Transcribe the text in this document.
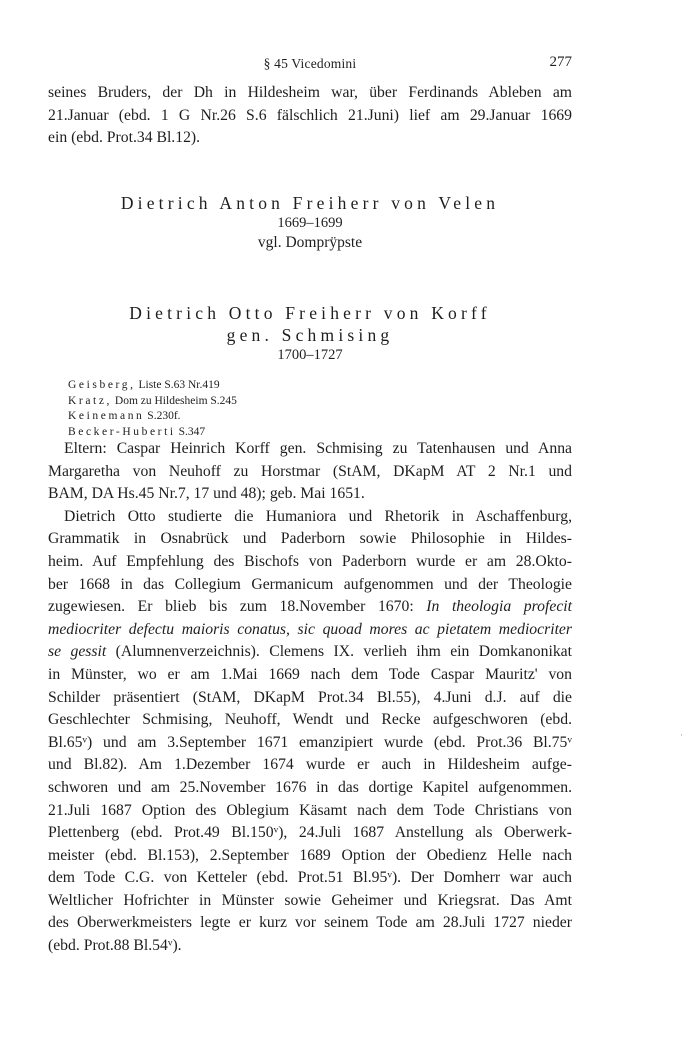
§ 45 Vicedomini	277
seines Bruders, der Dh in Hildesheim war, über Ferdinands Ableben am
21.Januar (ebd. 1 G Nr.26 S.6 fälschlich 21.Juni) lief am 29.Januar 1669
ein (ebd. Prot.34 Bl.12).
Dietrich Anton Freiherr von Velen
1669–1699
vgl. Domprÿpste
Dietrich Otto Freiherr von Korff
gen. Schmising
1700–1727
Geisberg, Liste S.63 Nr.419
Kratz, Dom zu Hildesheim S.245
Keinemann S.230f.
Becker-Huberti S.347
Eltern: Caspar Heinrich Korff gen. Schmising zu Tatenhausen und Anna
Margaretha von Neuhoff zu Horstmar (StAM, DKapM AT 2 Nr.1 und
BAM, DA Hs.45 Nr.7, 17 und 48); geb. Mai 1651.
Dietrich Otto studierte die Humaniora und Rhetorik in Aschaffenburg,
Grammatik in Osnabrück und Paderborn sowie Philosophie in Hildes-
heim. Auf Empfehlung des Bischofs von Paderborn wurde er am 28.Okto-
ber 1668 in das Collegium Germanicum aufgenommen und der Theologie
zugewiesen. Er blieb bis zum 18.November 1670: In theologia profecit
mediocriter defectu maioris conatus, sic quoad mores ac pietatem mediocriter
se gessit (Alumnenverzeichnis). Clemens IX. verlieh ihm ein Domkanonikat
in Münster, wo er am 1.Mai 1669 nach dem Tode Caspar Mauritz' von
Schilder präsentiert (StAM, DKapM Prot.34 Bl.55), 4.Juni d.J. auf die
Geschlechter Schmising, Neuhoff, Wendt und Recke aufgeschworen (ebd.
Bl.65ᵛ) und am 3.September 1671 emanzipiert wurde (ebd. Prot.36 Bl.75ᵛ
und Bl.82). Am 1.Dezember 1674 wurde er auch in Hildesheim aufge-
schworen und am 25.November 1676 in das dortige Kapitel aufgenommen.
21.Juli 1687 Option des Oblegium Käsamt nach dem Tode Christians von
Plettenberg (ebd. Prot.49 Bl.150ᵛ), 24.Juli 1687 Anstellung als Oberwerk-
meister (ebd. Bl.153), 2.September 1689 Option der Obedienz Helle nach
dem Tode C.G. von Ketteler (ebd. Prot.51 Bl.95ᵛ). Der Domherr war auch
Weltlicher Hofrichter in Münster sowie Geheimer und Kriegsrat. Das Amt
des Oberwerkmeisters legte er kurz vor seinem Tode am 28.Juli 1727 nieder
(ebd. Prot.88 Bl.54ᵛ).
·
